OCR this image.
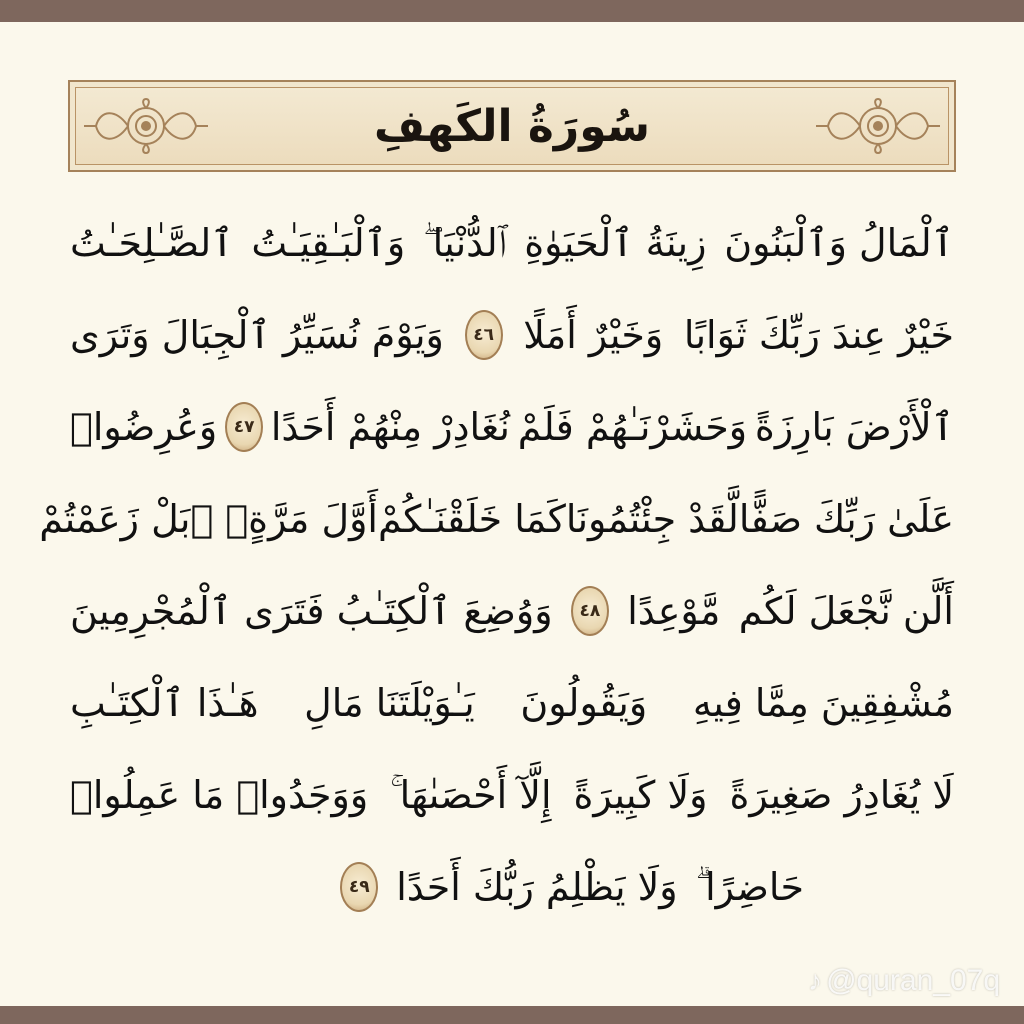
سُورَةُ الكَهفِ
ٱلْمَالُ وَٱلْبَنُونَ
زِينَةُ ٱلْحَيَوٰةِ
ٱلدُّنْيَا ۖ
وَٱلْبَـٰقِيَـٰتُ
ٱلصَّـٰلِحَـٰتُ
خَيْرٌ عِندَ رَبِّكَ ثَوَابًا
وَخَيْرٌ أَمَلًا
٤٦
وَيَوْمَ نُسَيِّرُ ٱلْجِبَالَ وَتَرَى
ٱلْأَرْضَ بَارِزَةً
وَحَشَرْنَـٰهُمْ فَلَمْ
نُغَادِرْ مِنْهُمْ أَحَدًا
٤٧
وَعُرِضُوا۟
عَلَىٰ رَبِّكَ صَفًّا
لَّقَدْ جِئْتُمُونَا
كَمَا خَلَقْنَـٰكُمْ
أَوَّلَ مَرَّةٍۭ ۚ
بَلْ زَعَمْتُمْ
أَلَّن نَّجْعَلَ لَكُم
مَّوْعِدًا
٤٨
وَوُضِعَ ٱلْكِتَـٰبُ فَتَرَى ٱلْمُجْرِمِينَ
مُشْفِقِينَ مِمَّا فِيهِ
وَيَقُولُونَ
يَـٰوَيْلَتَنَا مَالِ
هَـٰذَا ٱلْكِتَـٰبِ
لَا يُغَادِرُ صَغِيرَةً
وَلَا كَبِيرَةً
إِلَّآ أَحْصَىٰهَا ۚ
وَوَجَدُوا۟ مَا عَمِلُوا۟
حَاضِرًا ۗ
وَلَا يَظْلِمُ رَبُّكَ أَحَدًا
٤٩
♪ @quran_07q
